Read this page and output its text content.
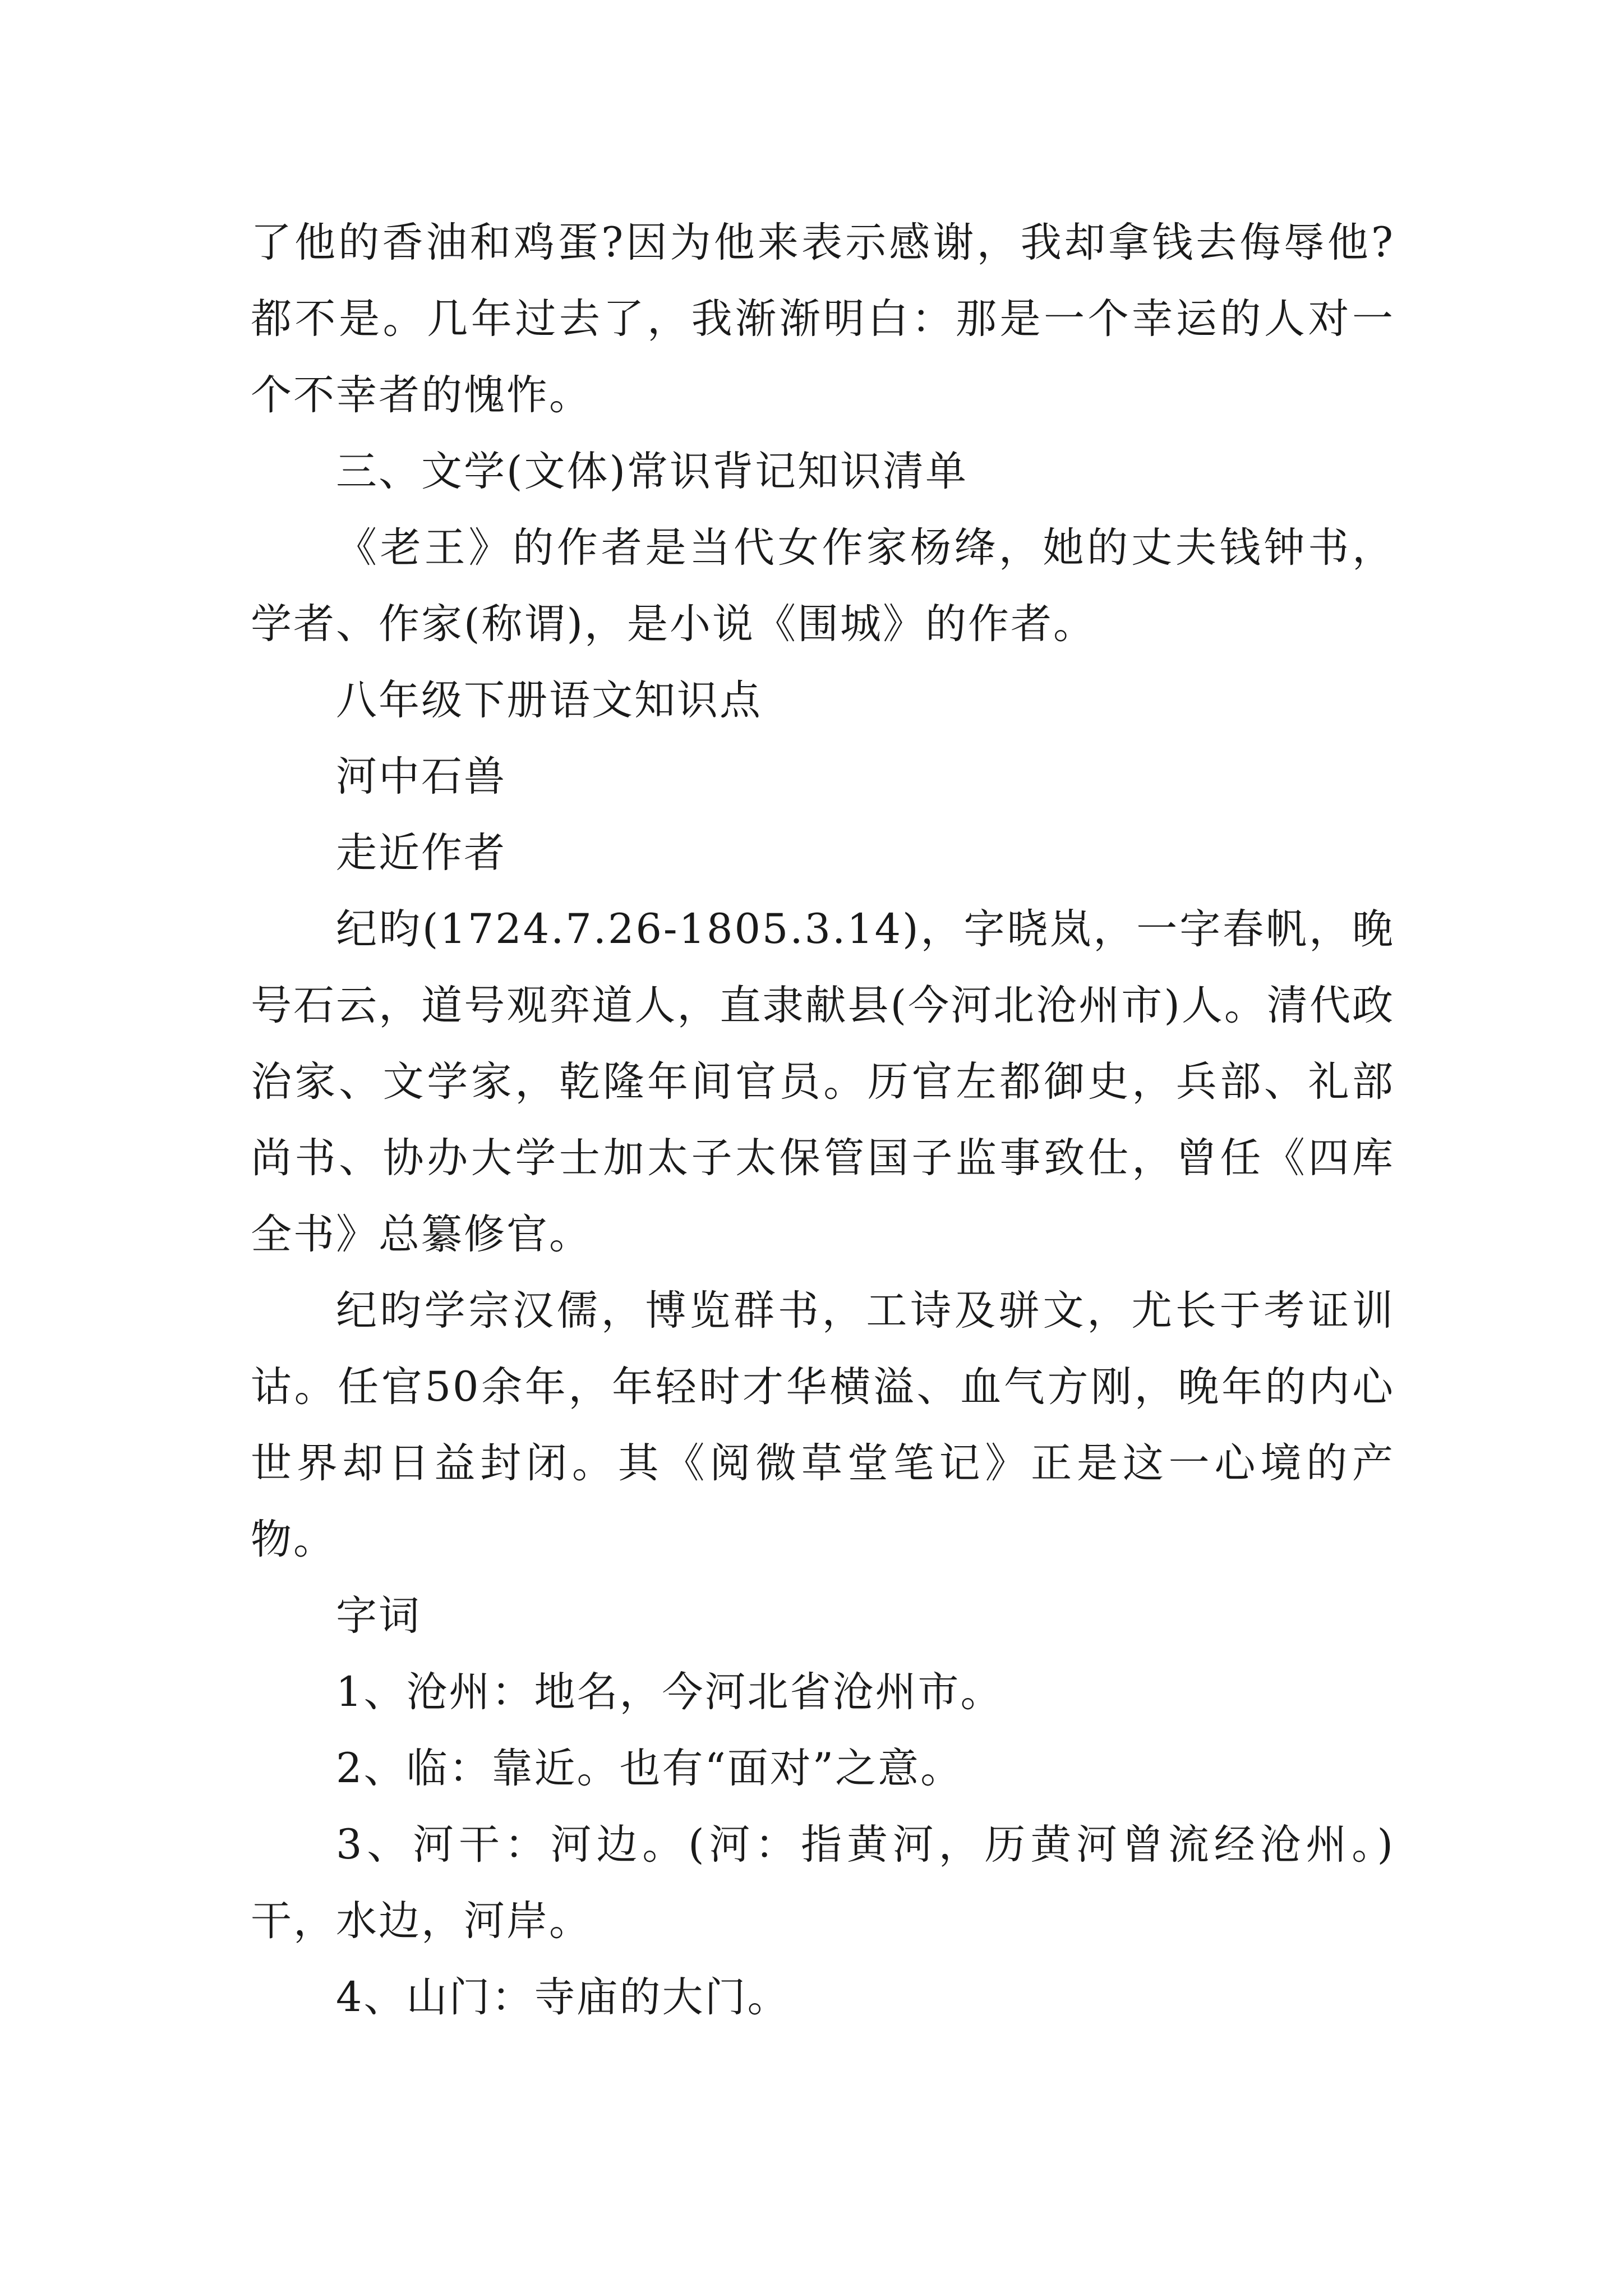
了他的香油和鸡蛋?因为他来表示感谢，我却拿钱去侮辱他?都不是。几年过去了，我渐渐明白：那是一个幸运的人对一个不幸者的愧怍。

三、文学(文体)常识背记知识清单

《老王》的作者是当代女作家杨绛，她的丈夫钱钟书，学者、作家(称谓)，是小说《围城》的作者。

八年级下册语文知识点

河中石兽

走近作者

纪昀(1724.7.26-1805.3.14)，字晓岚，一字春帆，晚号石云，道号观弈道人，直隶献县(今河北沧州市)人。清代政治家、文学家，乾隆年间官员。历官左都御史，兵部、礼部尚书、协办大学士加太子太保管国子监事致仕，曾任《四库全书》总纂修官。

纪昀学宗汉儒，博览群书，工诗及骈文，尤长于考证训诂。任官50余年，年轻时才华横溢、血气方刚，晚年的内心世界却日益封闭。其《阅微草堂笔记》正是这一心境的产物。

字词

1、沧州：地名，今河北省沧州市。

2、临：靠近。也有“面对”之意。

3、河干：河边。(河：指黄河，历黄河曾流经沧州。)干，水边，河岸。

4、山门：寺庙的大门。
